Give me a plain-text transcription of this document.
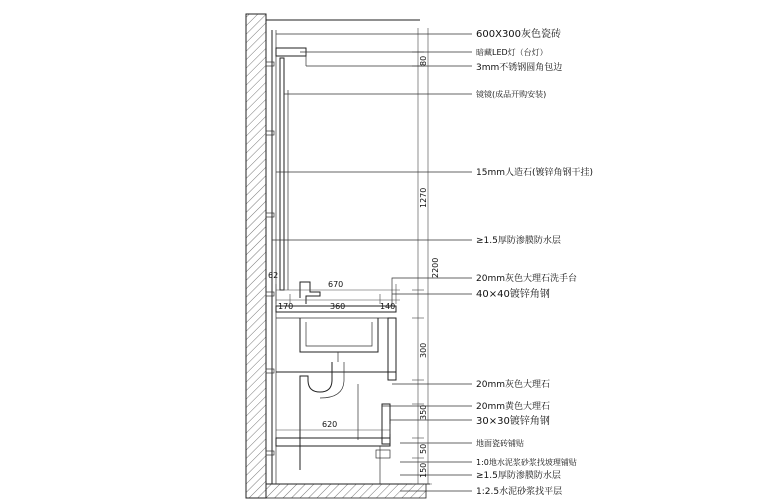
600X300灰色瓷砖
暗藏LED灯（台灯）
3mm不锈钢圆角包边
镜镜(成品开购安装)
15mm人造石(镀锌角钢干挂)
≥1.5厚防渗膜防水层
20mm灰色大理石洗手台
40×40镀锌角钢
20mm灰色大理石
20mm黄色大理石
30×30镀锌角钢
地面瓷砖铺贴
1:0地水泥浆砂浆找坡理铺贴
≥1.5厚防渗膜防水层
1:2.5水泥砂浆找平层
80
1270
2200
62
670
170	360	140
300
350
620
50
150
